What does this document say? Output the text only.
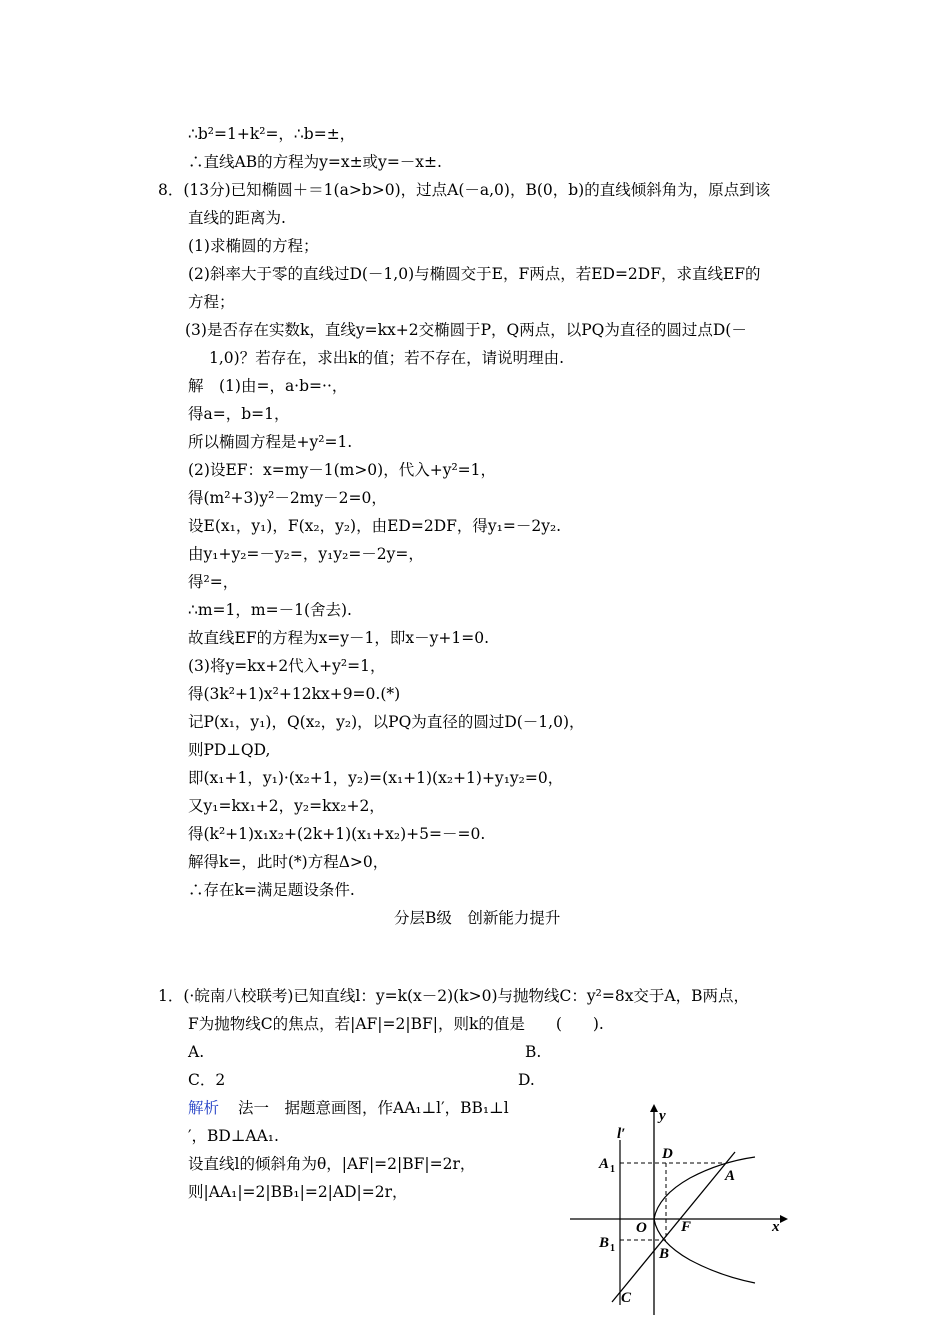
∴b²=1+k²=，∴b=±，
∴直线AB的方程为y=x±或y=－x±.
8．(13分)已知椭圆＋＝1(a>b>0)，过点A(－a,0)，B(0，b)的直线倾斜角为，原点到该
直线的距离为.
(1)求椭圆的方程；
(2)斜率大于零的直线过D(－1,0)与椭圆交于E，F两点，若ED=2DF，求直线EF的
方程；
(3)是否存在实数k，直线y=kx+2交椭圆于P，Q两点，以PQ为直径的圆过点D(－
1,0)？若存在，求出k的值；若不存在，请说明理由.
解　(1)由=，a·b=··，
得a=，b=1，
所以椭圆方程是+y²=1.
(2)设EF：x=my－1(m>0)，代入+y²=1，
得(m²+3)y²－2my－2=0，
设E(x₁，y₁)，F(x₂，y₂)，由ED=2DF，得y₁=－2y₂.
由y₁+y₂=－y₂=，y₁y₂=－2y=，
得²=，
∴m=1，m=－1(舍去).
故直线EF的方程为x=y－1，即x－y+1=0.
(3)将y=kx+2代入+y²=1，
得(3k²+1)x²+12kx+9=0.(*)
记P(x₁，y₁)，Q(x₂，y₂)，以PQ为直径的圆过D(－1,0)，
则PD⊥QD,
即(x₁+1，y₁)·(x₂+1，y₂)=(x₁+1)(x₂+1)+y₁y₂=0，
又y₁=kx₁+2，y₂=kx₂+2，
得(k²+1)x₁x₂+(2k+1)(x₁+x₂)+5=－=0.
解得k=，此时(*)方程Δ>0，
∴存在k=满足题设条件.
分层B级　创新能力提升
1．(·皖南八校联考)已知直线l：y=k(x－2)(k>0)与抛物线C：y²=8x交于A，B两点，
F为抛物线C的焦点，若|AF|=2|BF|，则k的值是　　(　　).
A.	B.
C．2	D.
法一　据题意画图，作AA₁⊥l′，BB₁⊥l
′，BD⊥AA₁.
设直线l的倾斜角为θ，|AF|=2|BF|=2r，
则|AA₁|=2|BB₁|=2|AD|=2r，
解析	y
x
l′
A 1
D
A
O F
B 1	B
C
